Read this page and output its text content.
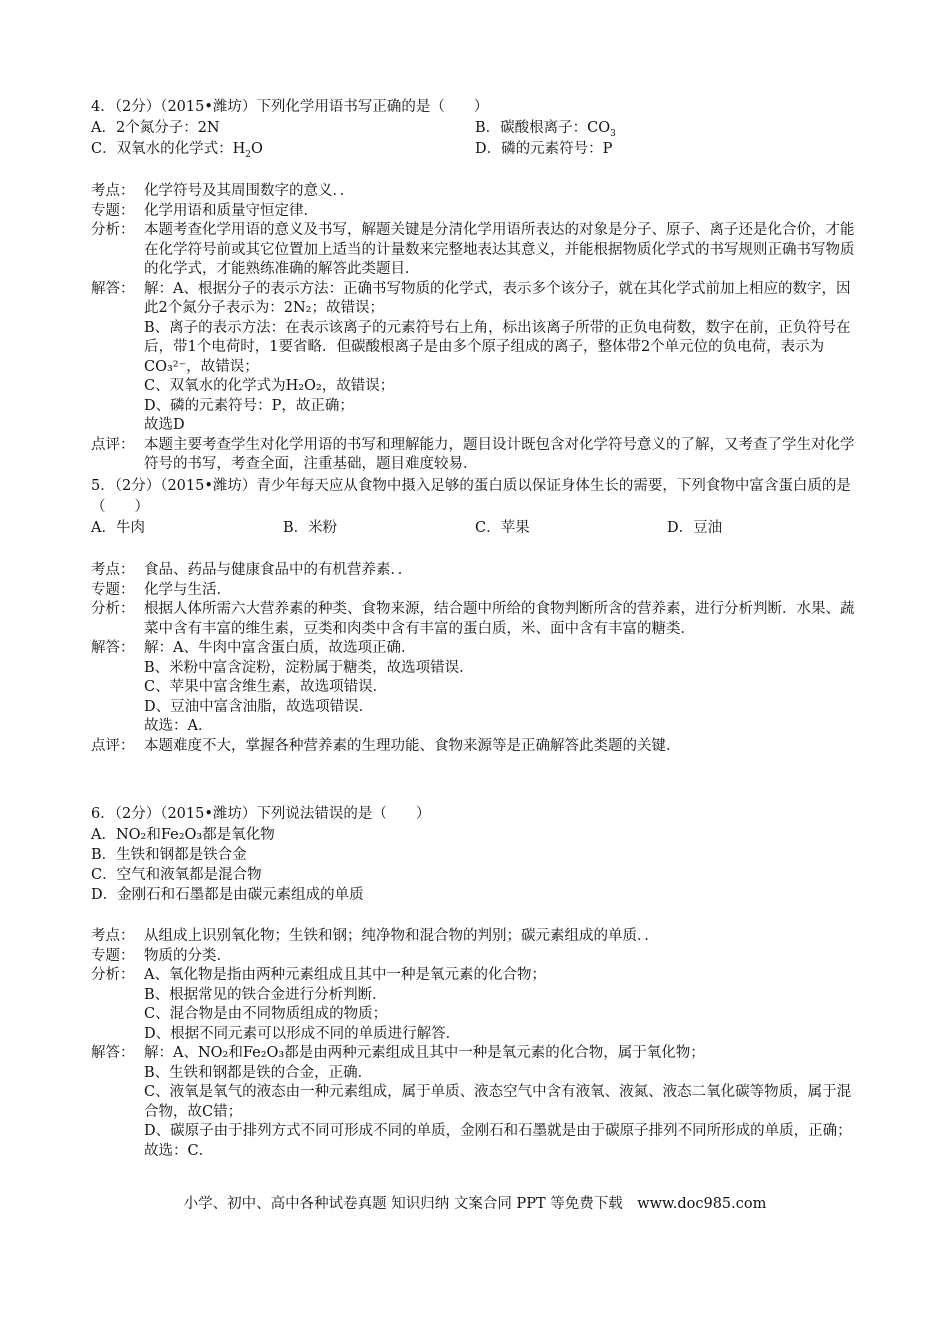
4．（2分）（2015•潍坊）下列化学用语书写正确的是（　　）
A．2个氮分子：2N	B．碳酸根离子：$CO_3$
C．双氧水的化学式：$H_2O$	D．磷的元素符号：P
考点： 化学符号及其周围数字的意义．．
专题： 化学用语和质量守恒定律．
分析： 本题考查化学用语的意义及书写，解题关键是分清化学用语所表达的对象是分子、原子、离子还是化合价，才能在化学符号前或其它位置加上适当的计量数来完整地表达其意义，并能根据物质化学式的书写规则正确书写物质的化学式，才能熟练准确的解答此类题目．
解答： 解：A、根据分子的表示方法：正确书写物质的化学式，表示多个该分子，就在其化学式前加上相应的数字，因此2个氮分子表示为：2N₂；故错误；

B、离子的表示方法：在表示该离子的元素符号右上角，标出该离子所带的正负电荷数，数字在前，正负符号在后，带1个电荷时，1要省略．但碳酸根离子是由多个原子组成的离子，整体带2个单元位的负电荷，表示为CO₃²⁻，故错误；

C、双氧水的化学式为H₂O₂，故错误；

D、磷的元素符号：P，故正确；

故选D

点评： 本题主要考查学生对化学用语的书写和理解能力，题目设计既包含对化学符号意义的了解，又考查了学生对化学符号的书写，考查全面，注重基础，题目难度较易．
5．（2分）（2015•潍坊）青少年每天应从食物中摄入足够的蛋白质以保证身体生长的需要，下列食物中富含蛋白质的是（　　）
A．牛肉	B．米粉	C．苹果	D．豆油
考点： 食品、药品与健康食品中的有机营养素．．
专题： 化学与生活．
分析： 根据人体所需六大营养素的种类、食物来源，结合题中所给的食物判断所含的营养素，进行分析判断．水果、蔬菜中含有丰富的维生素，豆类和肉类中含有丰富的蛋白质，米、面中含有丰富的糖类．
解答： 解：A、牛肉中富含蛋白质，故选项正确．

B、米粉中富含淀粉，淀粉属于糖类，故选项错误．

C、苹果中富含维生素，故选项错误．

D、豆油中富含油脂，故选项错误．

故选：A．

点评： 本题难度不大，掌握各种营养素的生理功能、食物来源等是正确解答此类题的关键．
6．（2分）（2015•潍坊）下列说法错误的是（　　）
A．NO₂和Fe₂O₃都是氧化物
B．生铁和钢都是铁合金
C．空气和液氧都是混合物
D．金刚石和石墨都是由碳元素组成的单质
考点： 从组成上识别氧化物；生铁和钢；纯净物和混合物的判别；碳元素组成的单质．．
专题： 物质的分类．
分析： A、氧化物是指由两种元素组成且其中一种是氧元素的化合物；

B、根据常见的铁合金进行分析判断．

C、混合物是由不同物质组成的物质；

D、根据不同元素可以形成不同的单质进行解答．

解答： 解：A、NO₂和Fe₂O₃都是由两种元素组成且其中一种是氧元素的化合物，属于氧化物；

B、生铁和钢都是铁的合金，正确．

C、液氧是氧气的液态由一种元素组成，属于单质、液态空气中含有液氧、液氮、液态二氧化碳等物质，属于混合物，故C错；

D、碳原子由于排列方式不同可形成不同的单质，金刚石和石墨就是由于碳原子排列不同所形成的单质，正确；

故选：C．

小学、初中、高中各种试卷真题 知识归纳 文案合同 PPT 等免费下载　www.doc985.com
